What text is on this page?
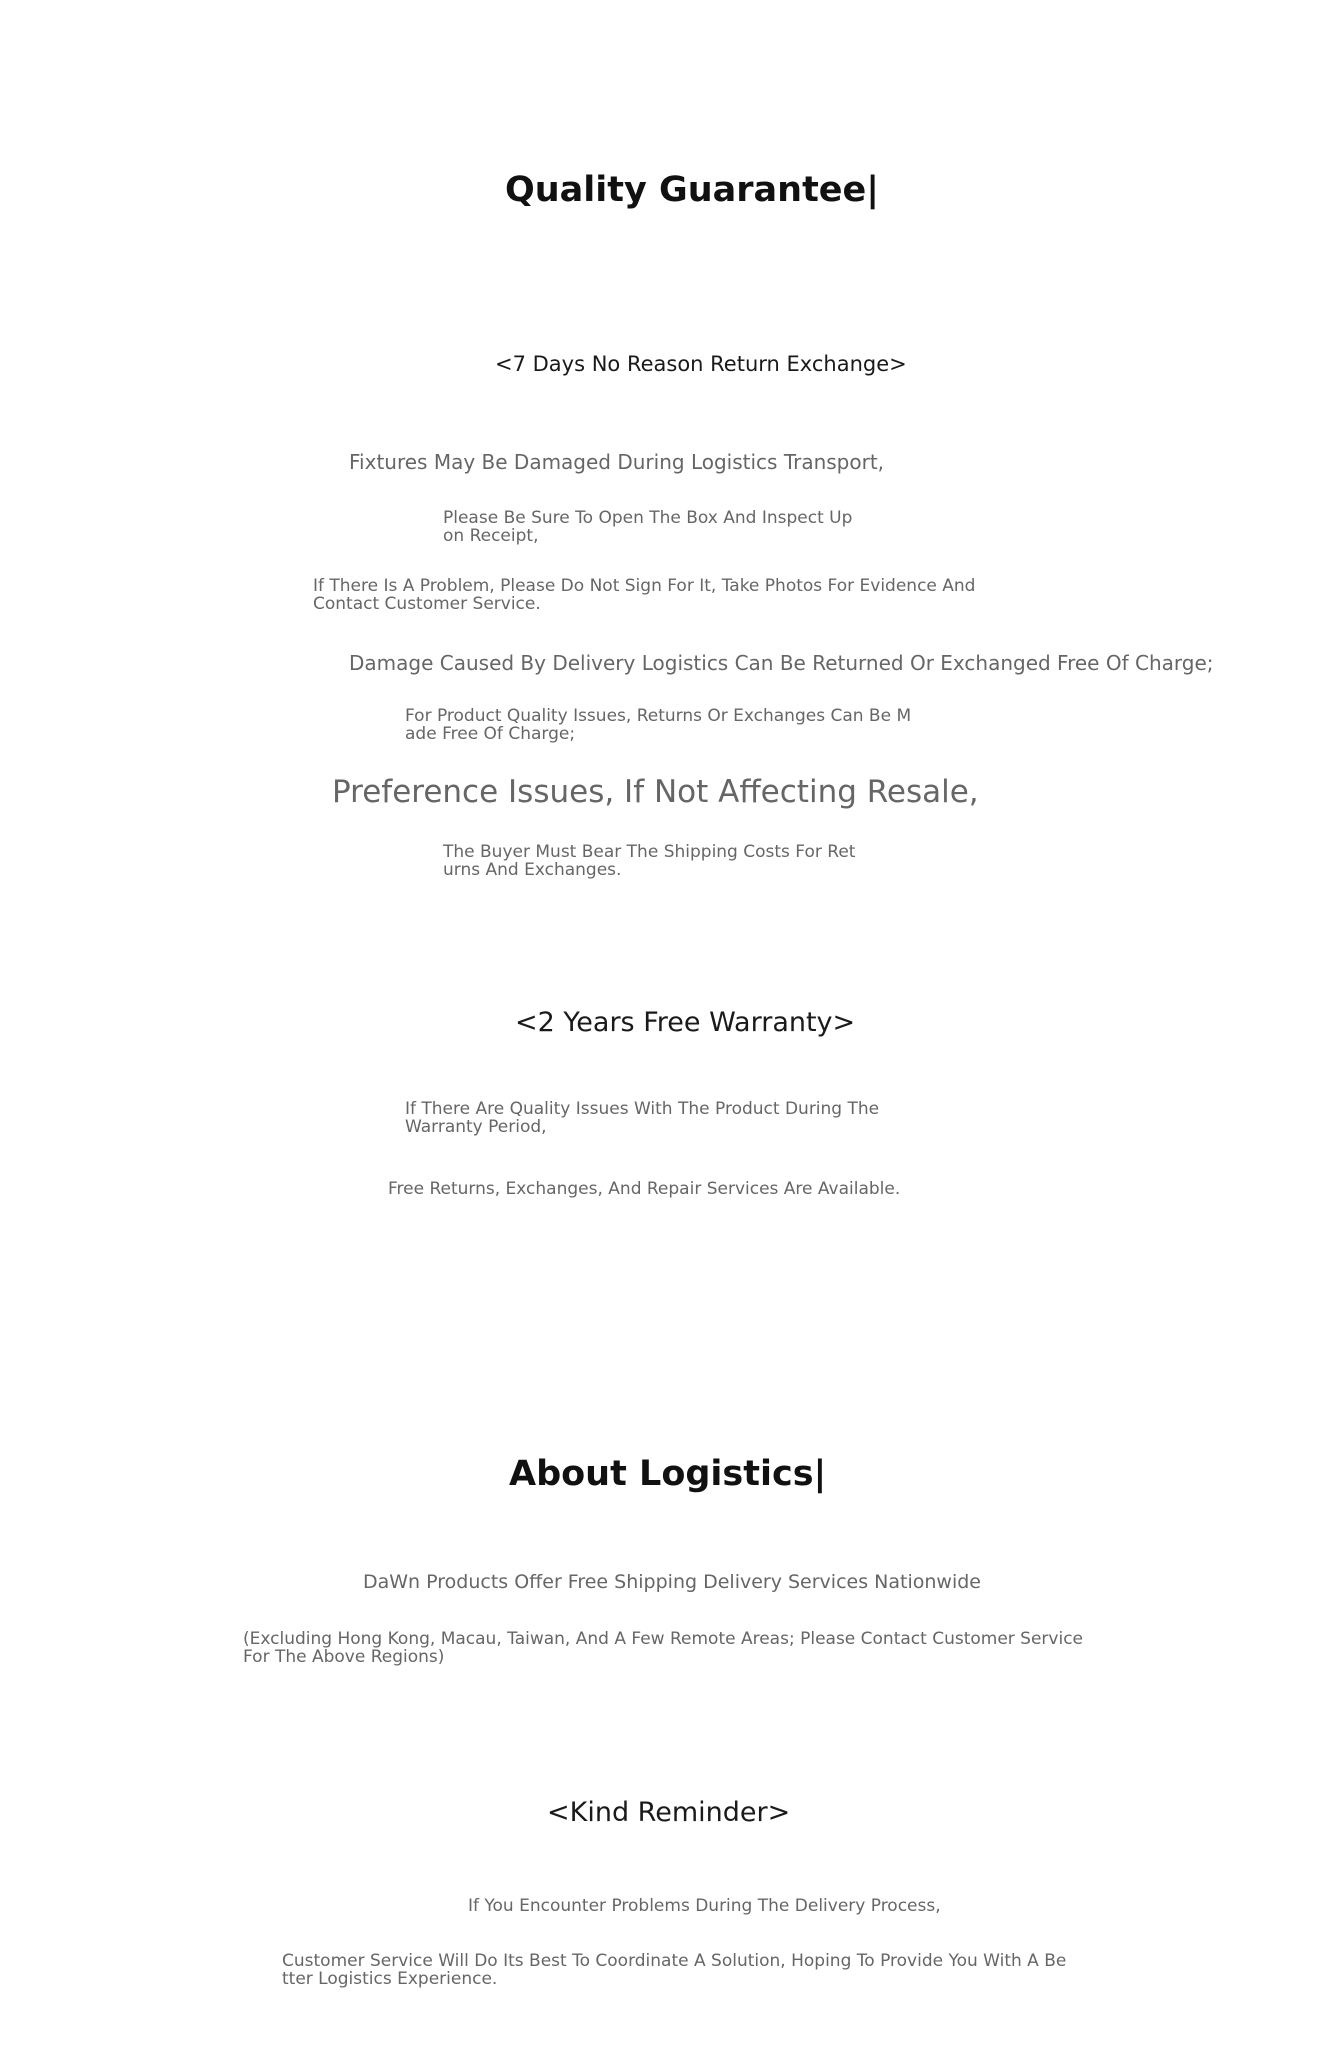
Quality Guarantee|
<7 Days No Reason Return Exchange>

Fixtures May Be Damaged During Logistics Transport,

Please Be Sure To Open The Box And Inspect Up on Receipt,

If There Is A Problem, Please Do Not Sign For It, Take Photos For Evidence And Contact Customer Service.

Damage Caused By Delivery Logistics Can Be Returned Or Exchanged Free Of Charge;

For Product Quality Issues, Returns Or Exchanges Can Be M ade Free Of Charge;

Preference Issues, If Not Affecting Resale,

The Buyer Must Bear The Shipping Costs For Ret urns And Exchanges.

<2 Years Free Warranty>

If There Are Quality Issues With The Product During The Warranty Period,

Free Returns, Exchanges, And Repair Services Are Available.

About Logistics|

DaWn Products Offer Free Shipping Delivery Services Nationwide

(Excluding Hong Kong, Macau, Taiwan, And A Few Remote Areas; Please Contact Customer Service For The Above Regions)

<Kind Reminder>

If You Encounter Problems During The Delivery Process,

Customer Service Will Do Its Best To Coordinate A Solution, Hoping To Provide You With A Be tter Logistics Experience.
